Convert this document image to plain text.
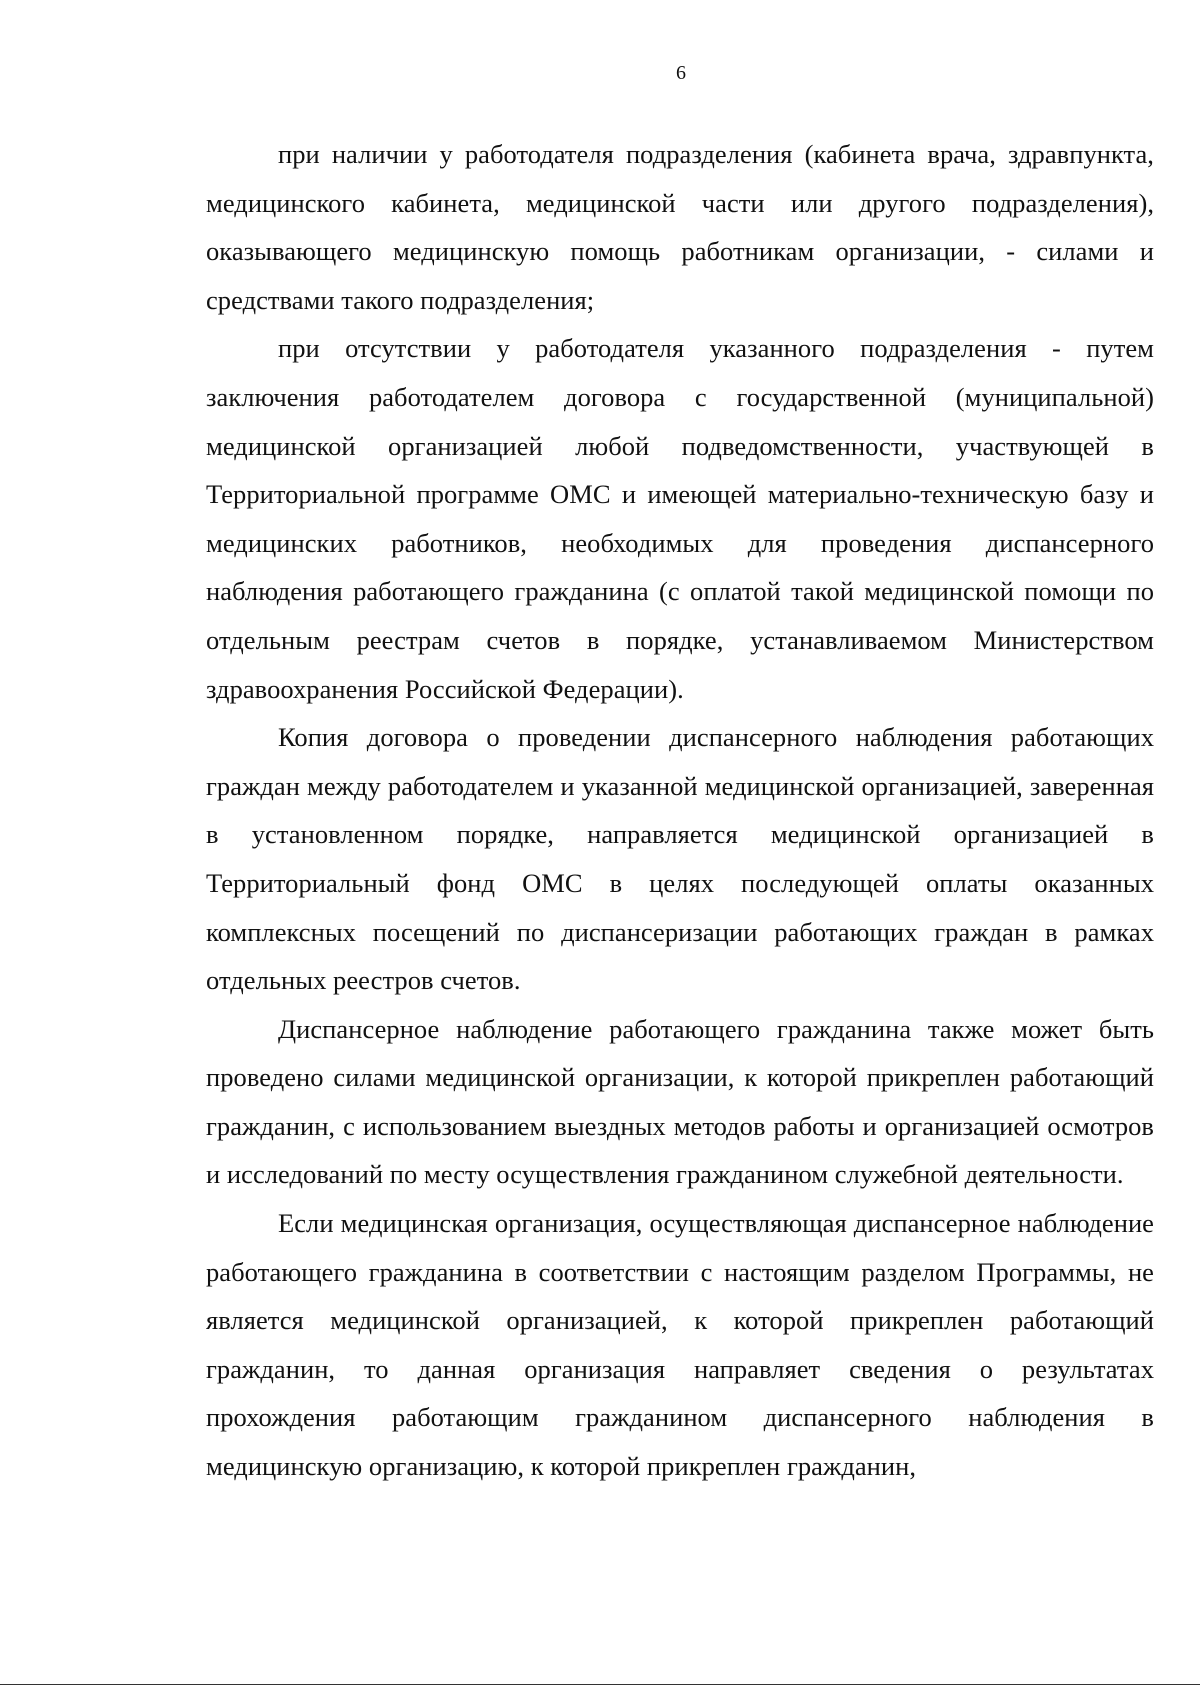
6

при наличии у работодателя подразделения (кабинета врача, здравпункта, медицинского кабинета, медицинской части или другого подразделения), оказывающего медицинскую помощь работникам организации, - силами и средствами такого подразделения;

при отсутствии у работодателя указанного подразделения - путем заключения работодателем договора с государственной (муниципальной) медицинской организацией любой подведомственности, участвующей в Территориальной программе ОМС и имеющей материально-техническую базу и медицинских работников, необходимых для проведения диспансерного наблюдения работающего гражданина (с оплатой такой медицинской помощи по отдельным реестрам счетов в порядке, устанавливаемом Министерством здравоохранения Российской Федерации).

Копия договора о проведении диспансерного наблюдения работающих граждан между работодателем и указанной медицинской организацией, заверенная в установленном порядке, направляется медицинской организацией в Территориальный фонд ОМС в целях последующей оплаты оказанных комплексных посещений по диспансеризации работающих граждан в рамках отдельных реестров счетов.

Диспансерное наблюдение работающего гражданина также может быть проведено силами медицинской организации, к которой прикреплен работающий гражданин, с использованием выездных методов работы и организацией осмотров и исследований по месту осуществления гражданином служебной деятельности.

Если медицинская организация, осуществляющая диспансерное наблюдение работающего гражданина в соответствии с настоящим разделом Программы, не является медицинской организацией, к которой прикреплен работающий гражданин, то данная организация направляет сведения о результатах прохождения работающим гражданином диспансерного наблюдения в медицинскую организацию, к которой прикреплен гражданин,
